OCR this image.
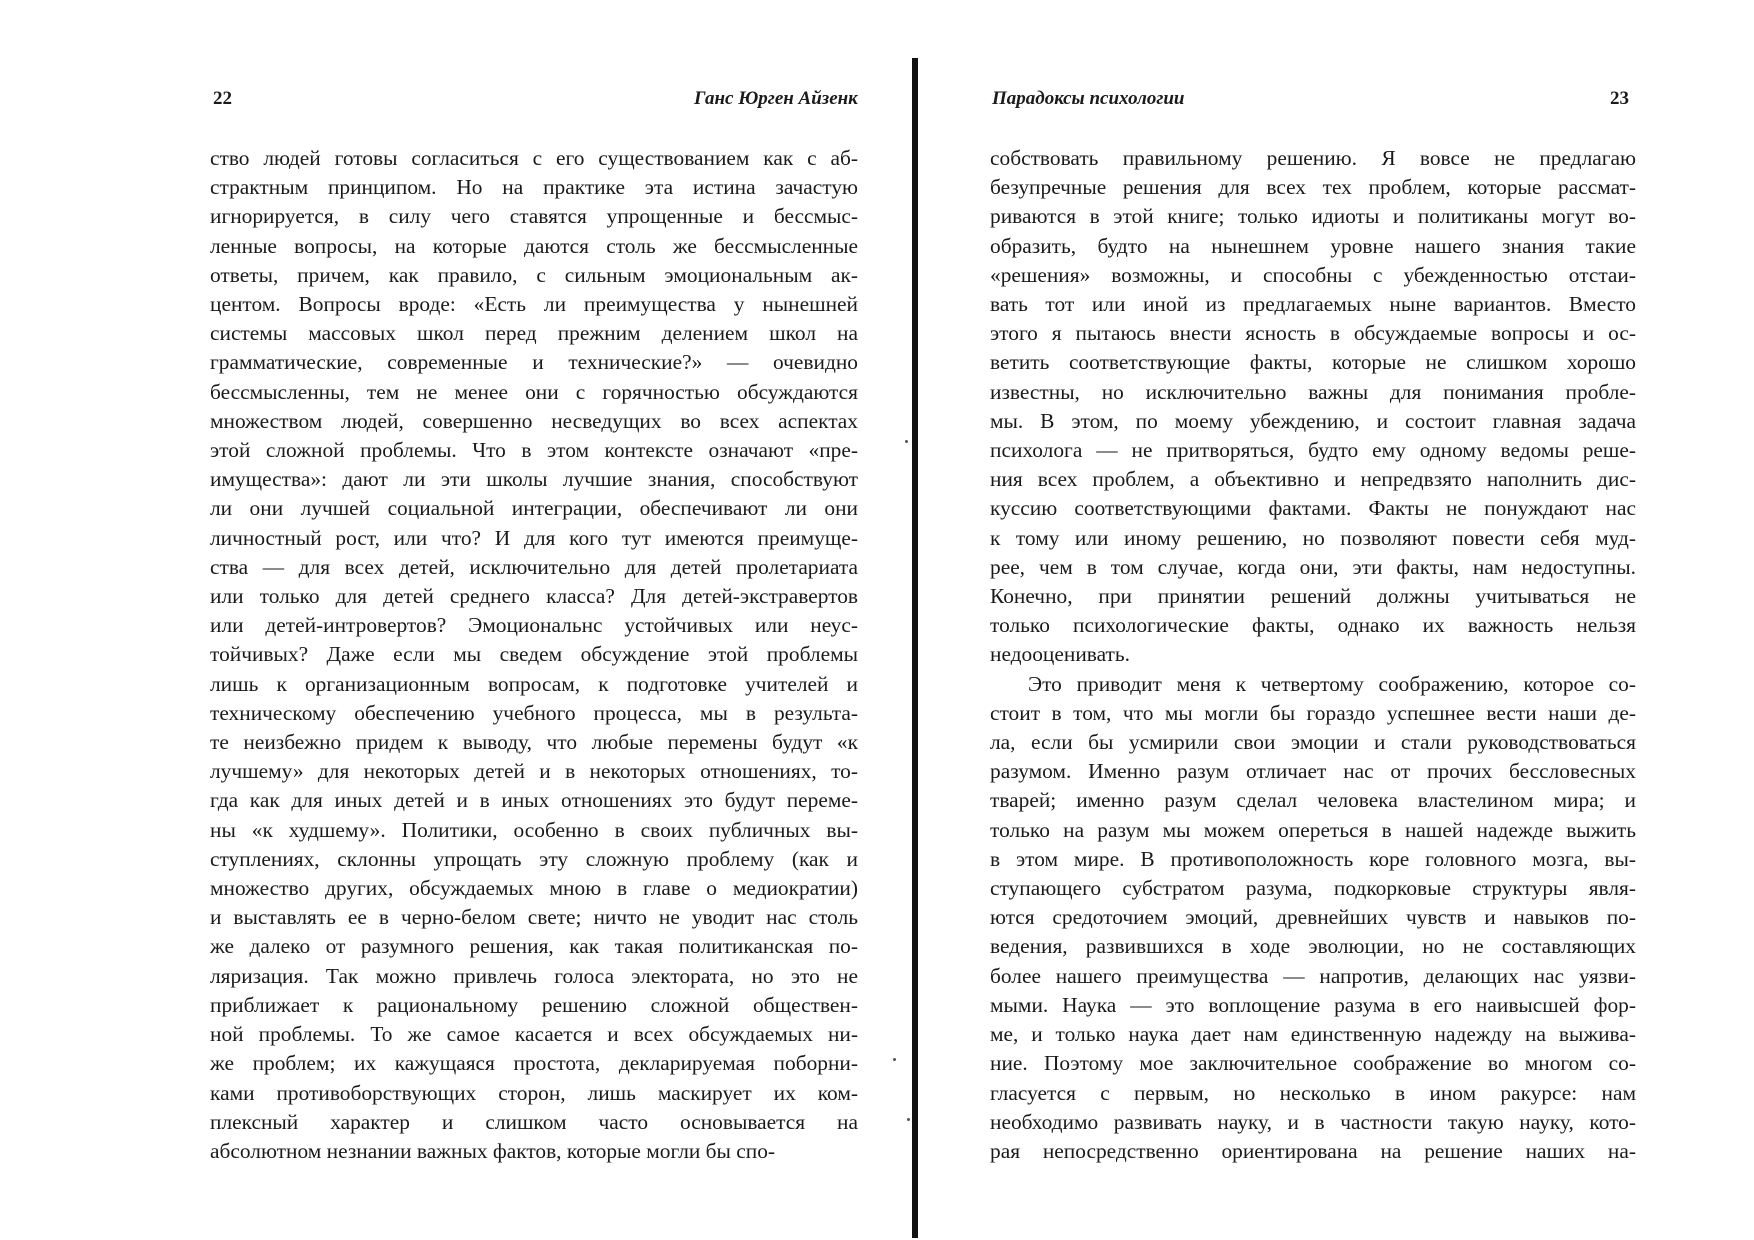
22	Ганс Юрген Айзенк
ство людей готовы согласиться с его существованием как с аб-
страктным принципом. Но на практике эта истина зачастую
игнорируется, в силу чего ставятся упрощенные и бессмыс-
ленные вопросы, на которые даются столь же бессмысленные
ответы, причем, как правило, с сильным эмоциональным ак-
центом. Вопросы вроде: «Есть ли преимущества у нынешней
системы массовых школ перед прежним делением школ на
грамматические, современные и технические?» — очевидно
бессмысленны, тем не менее они с горячностью обсуждаются
множеством людей, совершенно несведущих во всех аспектах
этой сложной проблемы. Что в этом контексте означают «пре-
имущества»: дают ли эти школы лучшие знания, способствуют
ли они лучшей социальной интеграции, обеспечивают ли они
личностный рост, или что? И для кого тут имеются преимуще-
ства — для всех детей, исключительно для детей пролетариата
или только для детей среднего класса? Для детей-экстравертов
или детей-интровертов? Эмоциональнс устойчивых или неус-
тойчивых? Даже если мы сведем обсуждение этой проблемы
лишь к организационным вопросам, к подготовке учителей и
техническому обеспечению учебного процесса, мы в результа-
те неизбежно придем к выводу, что любые перемены будут «к
лучшему» для некоторых детей и в некоторых отношениях, то-
гда как для иных детей и в иных отношениях это будут переме-
ны «к худшему». Политики, особенно в своих публичных вы-
ступлениях, склонны упрощать эту сложную проблему (как и
множество других, обсуждаемых мною в главе о медиократии)
и выставлять ее в черно-белом свете; ничто не уводит нас столь
же далеко от разумного решения, как такая политиканская по-
ляризация. Так можно привлечь голоса электората, но это не
приближает к рациональному решению сложной обществен-
ной проблемы. То же самое касается и всех обсуждаемых ни-
же проблем; их кажущаяся простота, декларируемая поборни-
ками противоборствующих сторон, лишь маскирует их ком-
плексный характер и слишком часто основывается на
абсолютном незнании важных фактов, которые могли бы спо-
Парадоксы психологии	23
собствовать правильному решению. Я вовсе не предлагаю
безупречные решения для всех тех проблем, которые рассмат-
риваются в этой книге; только идиоты и политиканы могут во-
образить, будто на нынешнем уровне нашего знания такие
«решения» возможны, и способны с убежденностью отстаи-
вать тот или иной из предлагаемых ныне вариантов. Вместо
этого я пытаюсь внести ясность в обсуждаемые вопросы и ос-
ветить соответствующие факты, которые не слишком хорошо
известны, но исключительно важны для понимания пробле-
мы. В этом, по моему убеждению, и состоит главная задача
психолога — не притворяться, будто ему одному ведомы реше-
ния всех проблем, а объективно и непредвзято наполнить дис-
куссию соответствующими фактами. Факты не понуждают нас
к тому или иному решению, но позволяют повести себя муд-
рее, чем в том случае, когда они, эти факты, нам недоступны.
Конечно, при принятии решений должны учитываться не
только психологические факты, однако их важность нельзя
недооценивать.
Это приводит меня к четвертому соображению, которое со-
стоит в том, что мы могли бы гораздо успешнее вести наши де-
ла, если бы усмирили свои эмоции и стали руководствоваться
разумом. Именно разум отличает нас от прочих бессловесных
тварей; именно разум сделал человека властелином мира; и
только на разум мы можем опереться в нашей надежде выжить
в этом мире. В противоположность коре головного мозга, вы-
ступающего субстратом разума, подкорковые структуры явля-
ются средоточием эмоций, древнейших чувств и навыков по-
ведения, развившихся в ходе эволюции, но не составляющих
более нашего преимущества — напротив, делающих нас уязви-
мыми. Наука — это воплощение разума в его наивысшей фор-
ме, и только наука дает нам единственную надежду на выжива-
ние. Поэтому мое заключительное соображение во многом со-
гласуется с первым, но несколько в ином ракурсе: нам
необходимо развивать науку, и в частности такую науку, кото-
рая непосредственно ориентирована на решение наших на-
